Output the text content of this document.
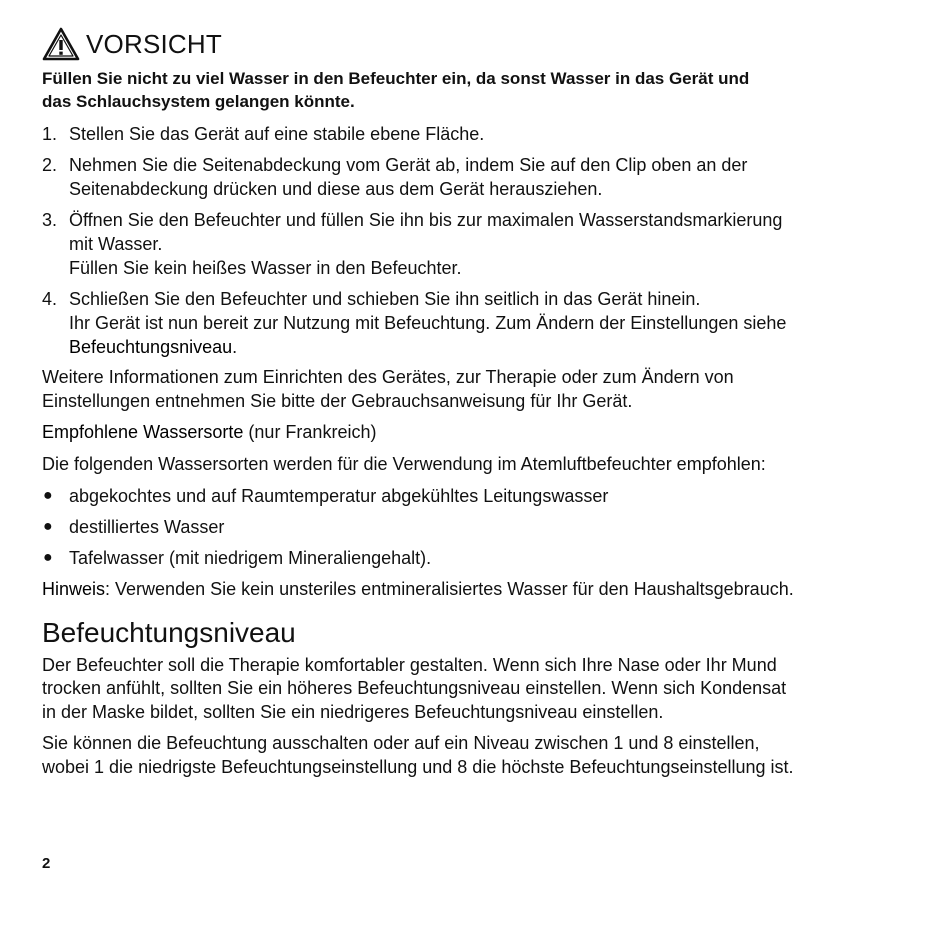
VORSICHT
Füllen Sie nicht zu viel Wasser in den Befeuchter ein, da sonst Wasser in das Gerät und
das Schlauchsystem gelangen könnte.
1. Stellen Sie das Gerät auf eine stabile ebene Fläche.
2. Nehmen Sie die Seitenabdeckung vom Gerät ab, indem Sie auf den Clip oben an der
Seitenabdeckung drücken und diese aus dem Gerät herausziehen.
3. Öffnen Sie den Befeuchter und füllen Sie ihn bis zur maximalen Wasserstandsmarkierung
mit Wasser.
Füllen Sie kein heißes Wasser in den Befeuchter.
4. Schließen Sie den Befeuchter und schieben Sie ihn seitlich in das Gerät hinein.
Ihr Gerät ist nun bereit zur Nutzung mit Befeuchtung. Zum Ändern der Einstellungen siehe
Befeuchtungsniveau.
Weitere Informationen zum Einrichten des Gerätes, zur Therapie oder zum Ändern von
Einstellungen entnehmen Sie bitte der Gebrauchsanweisung für Ihr Gerät.
Empfohlene Wassersorte (nur Frankreich)
Die folgenden Wassersorten werden für die Verwendung im Atemluftbefeuchter empfohlen:
● abgekochtes und auf Raumtemperatur abgekühltes Leitungswasser
● destilliertes Wasser
● Tafelwasser (mit niedrigem Mineraliengehalt).
Hinweis: Verwenden Sie kein unsteriles entmineralisiertes Wasser für den Haushaltsgebrauch.
Befeuchtungsniveau
Der Befeuchter soll die Therapie komfortabler gestalten. Wenn sich Ihre Nase oder Ihr Mund
trocken anfühlt, sollten Sie ein höheres Befeuchtungsniveau einstellen. Wenn sich Kondensat
in der Maske bildet, sollten Sie ein niedrigeres Befeuchtungsniveau einstellen.
Sie können die Befeuchtung ausschalten oder auf ein Niveau zwischen 1 und 8 einstellen,
wobei 1 die niedrigste Befeuchtungseinstellung und 8 die höchste Befeuchtungseinstellung ist.
2
